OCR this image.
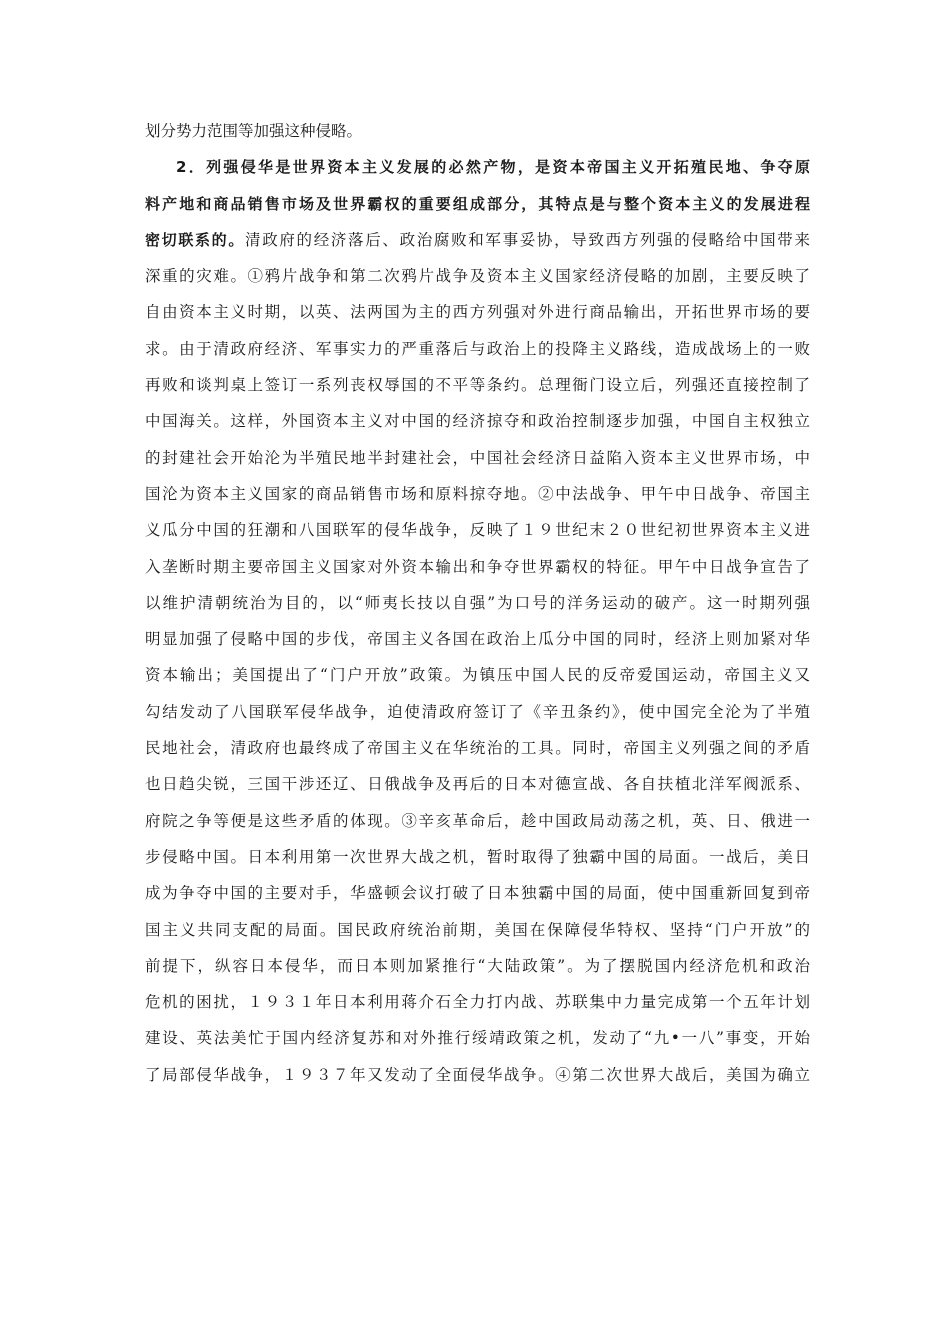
划分势力范围等加强这种侵略。
2．列强侵华是世界资本主义发展的必然产物，是资本帝国主义开拓殖民地、争夺原
料产地和商品销售市场及世界霸权的重要组成部分，其特点是与整个资本主义的发展进程
密切联系的。清政府的经济落后、政治腐败和军事妥协，导致西方列强的侵略给中国带来
深重的灾难。①鸦片战争和第二次鸦片战争及资本主义国家经济侵略的加剧，主要反映了
自由资本主义时期，以英、法两国为主的西方列强对外进行商品输出，开拓世界市场的要
求。由于清政府经济、军事实力的严重落后与政治上的投降主义路线，造成战场上的一败
再败和谈判桌上签订一系列丧权辱国的不平等条约。总理衙门设立后，列强还直接控制了
中国海关。这样，外国资本主义对中国的经济掠夺和政治控制逐步加强，中国自主权独立
的封建社会开始沦为半殖民地半封建社会，中国社会经济日益陷入资本主义世界市场，中
国沦为资本主义国家的商品销售市场和原料掠夺地。②中法战争、甲午中日战争、帝国主
义瓜分中国的狂潮和八国联军的侵华战争，反映了１９世纪末２０世纪初世界资本主义进
入垄断时期主要帝国主义国家对外资本输出和争夺世界霸权的特征。甲午中日战争宣告了
以维护清朝统治为目的，以“师夷长技以自强”为口号的洋务运动的破产。这一时期列强
明显加强了侵略中国的步伐，帝国主义各国在政治上瓜分中国的同时，经济上则加紧对华
资本输出；美国提出了“门户开放”政策。为镇压中国人民的反帝爱国运动，帝国主义又
勾结发动了八国联军侵华战争，迫使清政府签订了《辛丑条约》，使中国完全沦为了半殖
民地社会，清政府也最终成了帝国主义在华统治的工具。同时，帝国主义列强之间的矛盾
也日趋尖锐，三国干涉还辽、日俄战争及再后的日本对德宣战、各自扶植北洋军阀派系、
府院之争等便是这些矛盾的体现。③辛亥革命后，趁中国政局动荡之机，英、日、俄进一
步侵略中国。日本利用第一次世界大战之机，暂时取得了独霸中国的局面。一战后，美日
成为争夺中国的主要对手，华盛顿会议打破了日本独霸中国的局面，使中国重新回复到帝
国主义共同支配的局面。国民政府统治前期，美国在保障侵华特权、坚持“门户开放”的
前提下，纵容日本侵华，而日本则加紧推行“大陆政策”。为了摆脱国内经济危机和政治
危机的困扰，１９３１年日本利用蒋介石全力打内战、苏联集中力量完成第一个五年计划
建设、英法美忙于国内经济复苏和对外推行绥靖政策之机，发动了“九•一八”事变，开始
了局部侵华战争，１９３７年又发动了全面侵华战争。④第二次世界大战后，美国为确立
